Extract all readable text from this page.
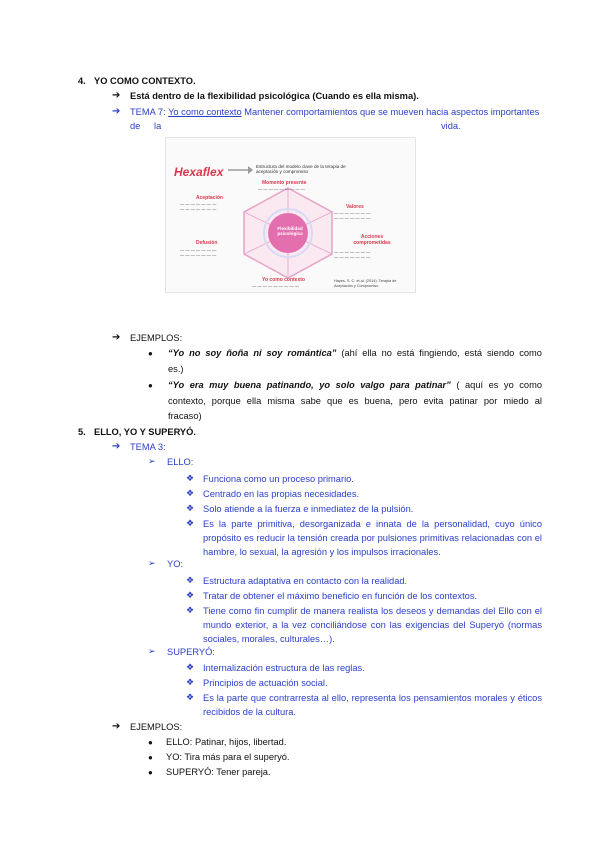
4. YO COMO CONTEXTO.
➔ Está dentro de la flexibilidad psicológica (Cuando es ella misma).
➔ TEMA 7: Yo como contexto Mantener comportamientos que se mueven hacia aspectos importantes
de la	vida.
Hexaflex	Estructura del modelo clave de la terapia de aceptación y compromiso
Flexibilidad psicológica
Momento presente
— — — — — — — — —
Aceptación
— — — — — — —
— — — — — — —	Valores
— — — — — — —
— — — — — — —
Defusión
— — — — — — —
— — — — — — —
Acciones comprometidas
— — — — — — —
— — — — — — —
Yo como contexto
— — — — — — — — —
Hayes, S. C. et al. (2014). Terapia de Aceptación y Compromiso
➔ EJEMPLOS:
● “Yo no soy ñoña ni soy romántica” (ahí ella no está fingiendo, está siendo como
es.)
● “Yo era muy buena patinando, yo solo valgo para patinar” ( aquí es yo como
contexto, porque ella misma sabe que es buena, pero evita patinar por miedo al
fracaso)
5. ELLO, YO Y SUPERYÓ.
➔ TEMA 3:
➢ ELLO:
❖ Funciona como un proceso primario.
❖ Centrado en las propias necesidades.
❖ Solo atiende a la fuerza e inmediatez de la pulsión.
❖ Es la parte primitiva, desorganizada e innata de la personalidad, cuyo único
propósito es reducir la tensión creada por pulsiones primitivas relacionadas con el
hambre, lo sexual, la agresión y los impulsos irracionales.
➢ YO:
❖ Estructura adaptativa en contacto con la realidad.
❖ Tratar de obtener el máximo beneficio en función de los contextos.
❖ Tiene como fin cumplir de manera realista los deseos y demandas del Ello con el
mundo exterior, a la vez conciliándose con las exigencias del Superyó (normas
sociales, morales, culturales…).
➢ SUPERYÓ:
❖ Internalización estructura de las reglas.
❖ Principios de actuación social.
❖ Es la parte que contrarresta al ello, representa los pensamientos morales y éticos
recibidos de la cultura.
➔ EJEMPLOS:
● ELLO: Patinar, hijos, libertad.
● YO: Tira más para el superyó.
● SUPERYÓ: Tener pareja.
